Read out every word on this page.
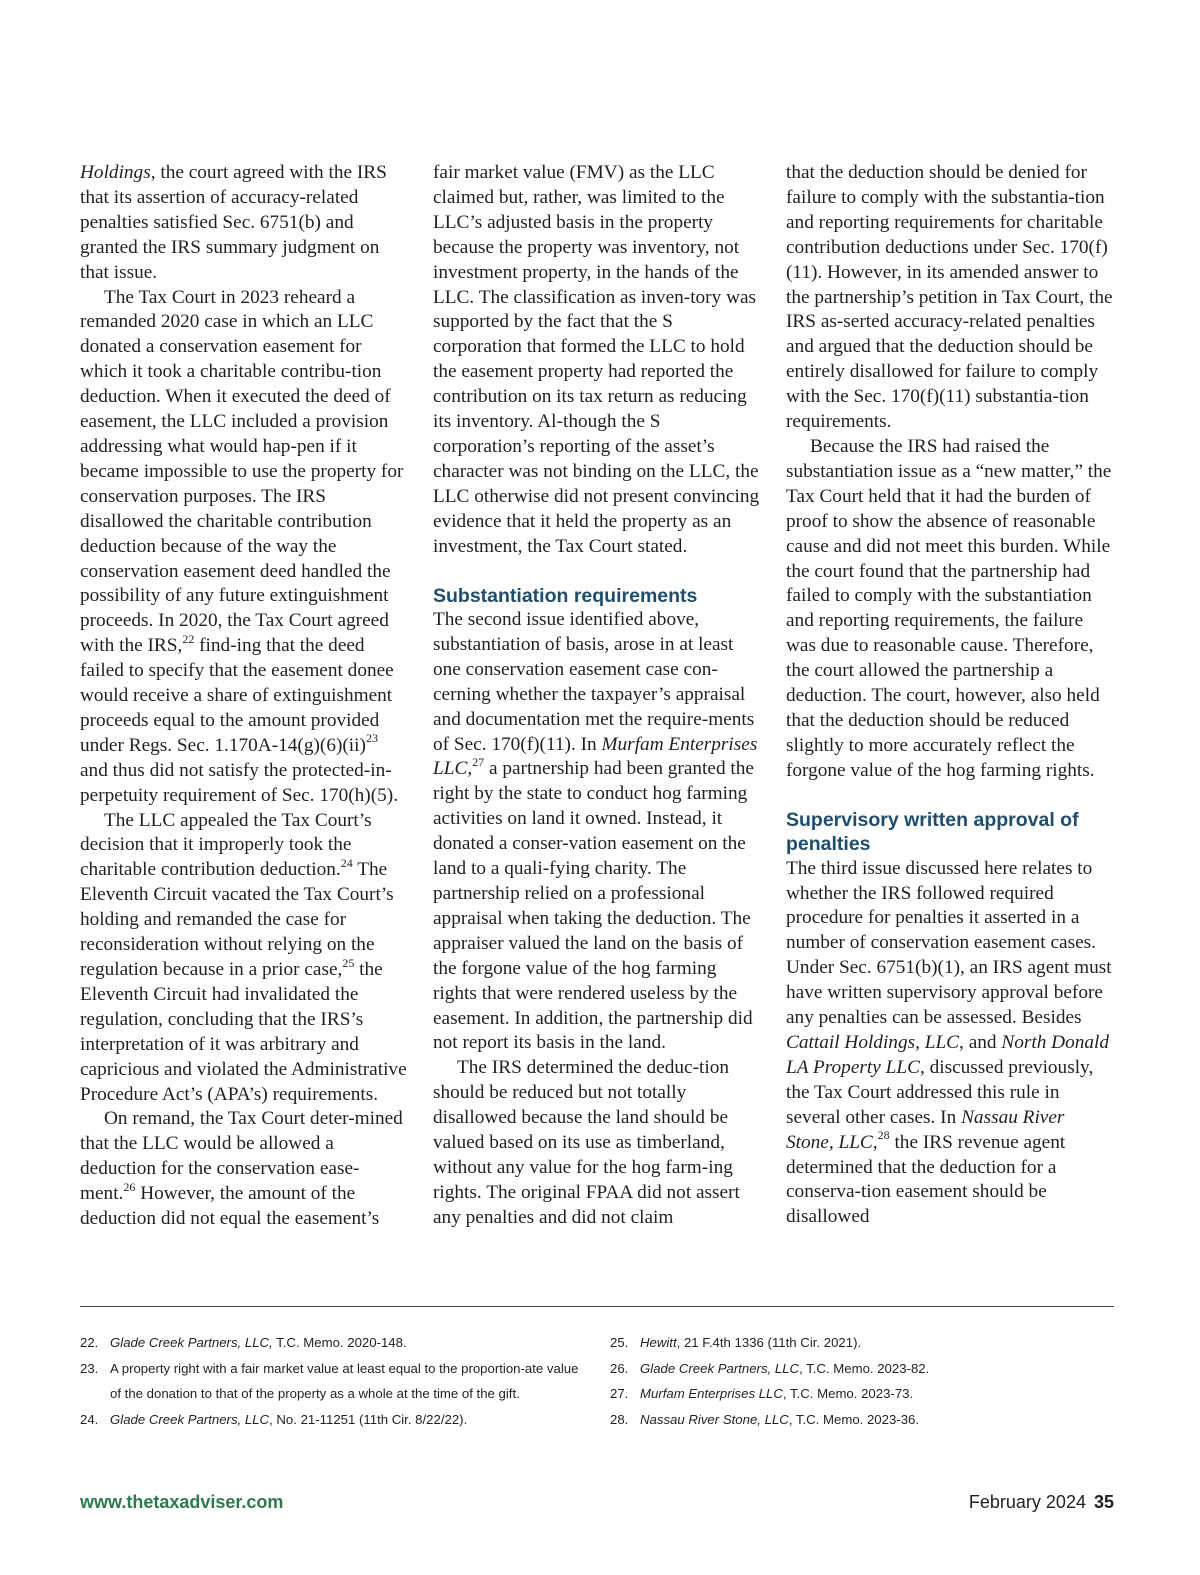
Holdings, the court agreed with the IRS that its assertion of accuracy-related penalties satisfied Sec. 6751(b) and granted the IRS summary judgment on that issue.

The Tax Court in 2023 reheard a remanded 2020 case in which an LLC donated a conservation easement for which it took a charitable contribu-tion deduction. When it executed the deed of easement, the LLC included a provision addressing what would hap-pen if it became impossible to use the property for conservation purposes. The IRS disallowed the charitable contribution deduction because of the way the conservation easement deed handled the possibility of any future extinguishment proceeds. In 2020, the Tax Court agreed with the IRS,$^{22}$ find-ing that the deed failed to specify that the easement donee would receive a share of extinguishment proceeds equal to the amount provided under Regs. Sec. 1.170A-14(g)(6)(ii)$^{23}$ and thus did not satisfy the protected-in-perpetuity requirement of Sec. 170(h)(5).

The LLC appealed the Tax Court’s decision that it improperly took the charitable contribution deduction.$^{24}$ The Eleventh Circuit vacated the Tax Court’s holding and remanded the case for reconsideration without relying on the regulation because in a prior case,$^{25}$ the Eleventh Circuit had invalidated the regulation, concluding that the IRS’s interpretation of it was arbitrary and capricious and violated the Administrative Procedure Act’s (APA’s) requirements.

On remand, the Tax Court deter-mined that the LLC would be allowed a deduction for the conservation ease-ment.$^{26}$ However, the amount of the deduction did not equal the easement’s

fair market value (FMV) as the LLC claimed but, rather, was limited to the LLC’s adjusted basis in the property because the property was inventory, not investment property, in the hands of the LLC. The classification as inven-tory was supported by the fact that the S corporation that formed the LLC to hold the easement property had reported the contribution on its tax return as reducing its inventory. Al-though the S corporation’s reporting of the asset’s character was not binding on the LLC, the LLC otherwise did not present convincing evidence that it held the property as an investment, the Tax Court stated.

Substantiation requirements

The second issue identified above, substantiation of basis, arose in at least one conservation easement case con-cerning whether the taxpayer’s appraisal and documentation met the require-ments of Sec. 170(f)(11). In Murfam Enterprises LLC,$^{27}$ a partnership had been granted the right by the state to conduct hog farming activities on land it owned. Instead, it donated a conser-vation easement on the land to a quali-fying charity. The partnership relied on a professional appraisal when taking the deduction. The appraiser valued the land on the basis of the forgone value of the hog farming rights that were rendered useless by the easement. In addition, the partnership did not report its basis in the land.

The IRS determined the deduc-tion should be reduced but not totally disallowed because the land should be valued based on its use as timberland, without any value for the hog farm-ing rights. The original FPAA did not assert any penalties and did not claim

that the deduction should be denied for failure to comply with the substantia-tion and reporting requirements for charitable contribution deductions under Sec. 170(f)(11). However, in its amended answer to the partnership’s petition in Tax Court, the IRS as-serted accuracy-related penalties and argued that the deduction should be entirely disallowed for failure to comply with the Sec. 170(f)(11) substantia-tion requirements.

Because the IRS had raised the substantiation issue as a “new matter,” the Tax Court held that it had the burden of proof to show the absence of reasonable cause and did not meet this burden. While the court found that the partnership had failed to comply with the substantiation and reporting requirements, the failure was due to reasonable cause. Therefore, the court allowed the partnership a deduction. The court, however, also held that the deduction should be reduced slightly to more accurately reflect the forgone value of the hog farming rights.

Supervisory written approval of penalties

The third issue discussed here relates to whether the IRS followed required procedure for penalties it asserted in a number of conservation easement cases. Under Sec. 6751(b)(1), an IRS agent must have written supervisory approval before any penalties can be assessed. Besides Cattail Holdings, LLC, and North Donald LA Property LLC, discussed previously, the Tax Court addressed this rule in several other cases. In Nassau River Stone, LLC,$^{28}$ the IRS revenue agent determined that the deduction for a conserva-tion easement should be disallowed

22. Glade Creek Partners, LLC, T.C. Memo. 2020-148.
23. A property right with a fair market value at least equal to the proportion-ate value of the donation to that of the property as a whole at the time of the gift.
24. Glade Creek Partners, LLC, No. 21-11251 (11th Cir. 8/22/22).
25. Hewitt, 21 F.4th 1336 (11th Cir. 2021).
26. Glade Creek Partners, LLC, T.C. Memo. 2023-82.
27. Murfam Enterprises LLC, T.C. Memo. 2023-73.
28. Nassau River Stone, LLC, T.C. Memo. 2023-36.
www.thetaxadviser.com	February 2024 35
